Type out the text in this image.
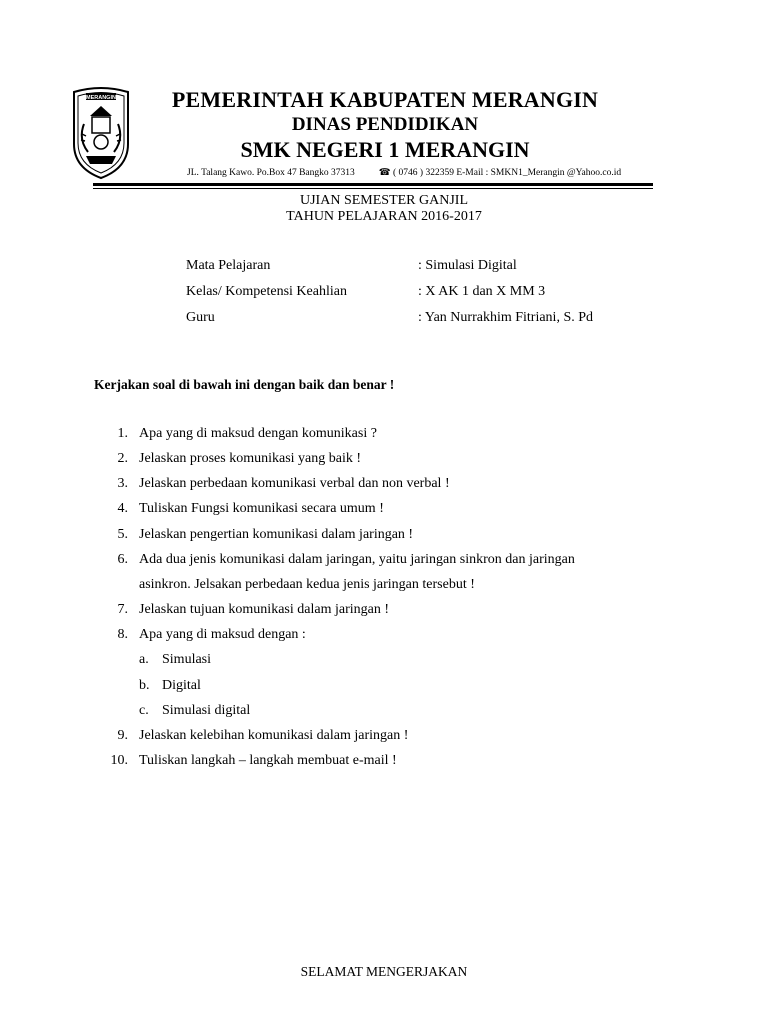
MERANGIN	PEMERINTAH KABUPATEN MERANGIN
DINAS PENDIDIKAN
SMK NEGERI 1 MERANGIN
JL. Talang Kawo. Po.Box 47 Bangko 37313	☎ ( 0746 ) 322359 E-Mail : SMKN1_Merangin @Yahoo.co.id
UJIAN SEMESTER GANJIL
TAHUN PELAJARAN 2016-2017
Mata Pelajaran	: Simulasi Digital
Kelas/ Kompetensi Keahlian	: X AK 1 dan X MM 3
Guru	: Yan Nurrakhim Fitriani, S. Pd
Kerjakan soal di bawah ini dengan baik dan benar !
1. Apa yang di maksud dengan komunikasi ?
2. Jelaskan proses komunikasi yang baik !
3. Jelaskan perbedaan komunikasi verbal dan non verbal !
4. Tuliskan Fungsi komunikasi secara umum !
5. Jelaskan pengertian komunikasi dalam jaringan !
6. Ada dua jenis komunikasi dalam jaringan, yaitu jaringan sinkron dan jaringan
asinkron. Jelsakan perbedaan kedua jenis jaringan tersebut !
7. Jelaskan tujuan komunikasi dalam jaringan !
8. Apa yang di maksud dengan :
a. Simulasi
b. Digital
c. Simulasi digital
9. Jelaskan kelebihan komunikasi dalam jaringan !
10. Tuliskan langkah – langkah membuat e-mail !
SELAMAT MENGERJAKAN
